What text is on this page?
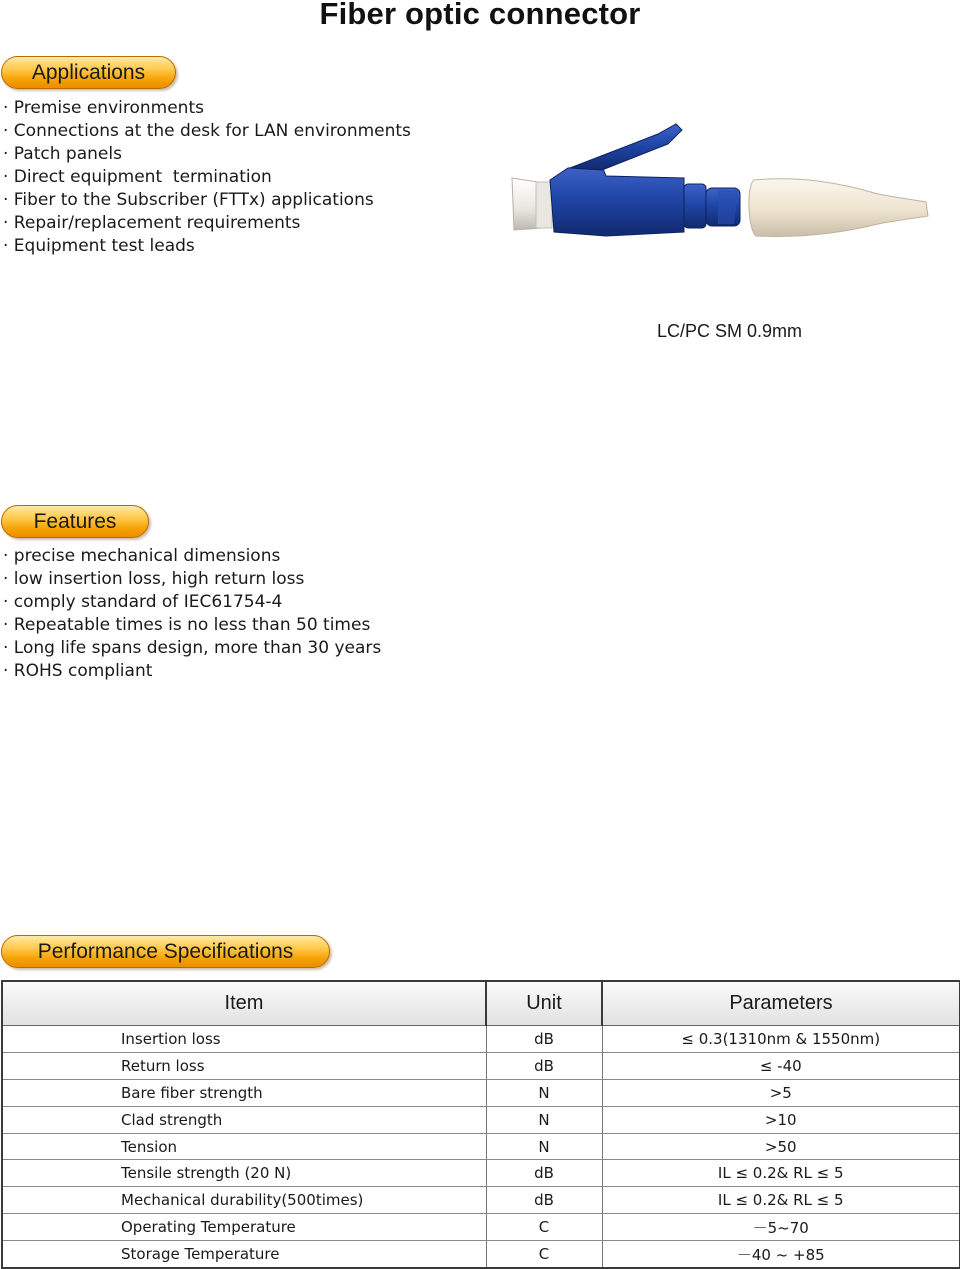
Fiber optic connector
Applications
· Premise environments
· Connections at the desk for LAN environments
· Patch panels
· Direct equipment  termination
· Fiber to the Subscriber (FTTx) applications
· Repair/replacement requirements
· Equipment test leads
LC/PC SM 0.9mm
Features
· precise mechanical dimensions
· low insertion loss, high return loss
· comply standard of IEC61754-4
· Repeatable times is no less than 50 times
· Long life spans design, more than 30 years
· ROHS compliant
Performance Specifications
Item	Unit	Parameters
Insertion loss	dB	≤ 0.3(1310nm & 1550nm)
Return loss	dB	≤ -40
Bare fiber strength	N	>5
Clad strength	N	>10
Tension	N	>50
Tensile strength (20 N)	dB	IL ≤ 0.2& RL ≤ 5
Mechanical durability(500times)	dB	IL ≤ 0.2& RL ≤ 5
Operating Temperature	C	－5~70
Storage Temperature	C	－40 ~ +85
